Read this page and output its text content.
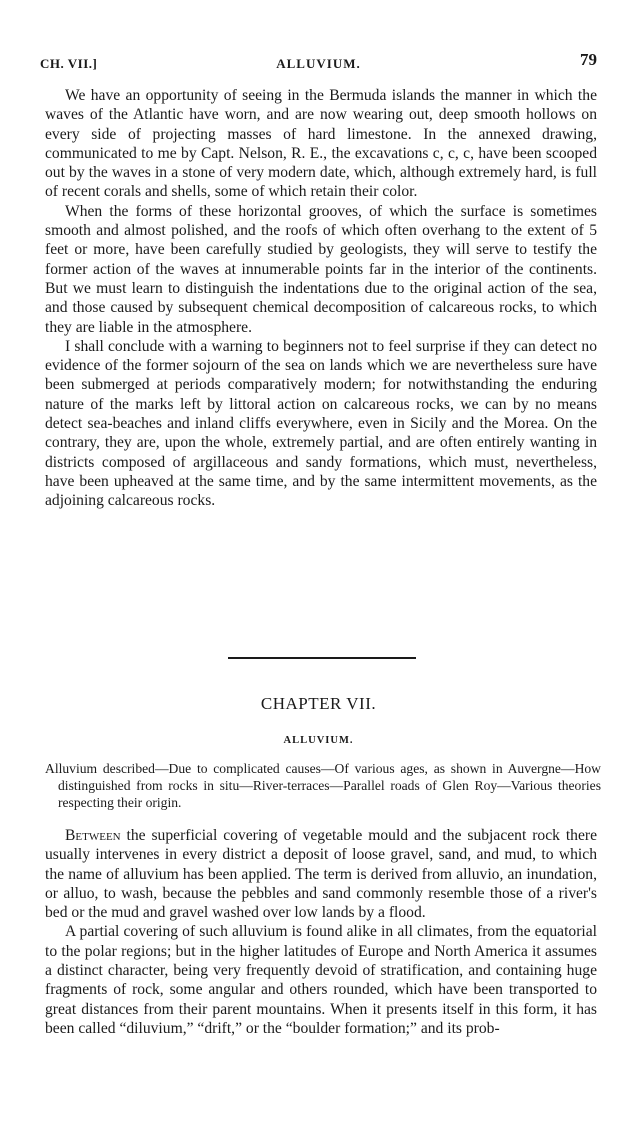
CH. VII.]	ALLUVIUM.	79

We have an opportunity of seeing in the Bermuda islands the manner in which the waves of the Atlantic have worn, and are now wearing out, deep smooth hollows on every side of projecting masses of hard limestone. In the annexed drawing, communicated to me by Capt. Nelson, R. E., the excavations c, c, c, have been scooped out by the waves in a stone of very modern date, which, although extremely hard, is full of recent corals and shells, some of which retain their color.

When the forms of these horizontal grooves, of which the surface is sometimes smooth and almost polished, and the roofs of which often overhang to the extent of 5 feet or more, have been carefully studied by geologists, they will serve to testify the former action of the waves at innumerable points far in the interior of the continents. But we must learn to distinguish the indentations due to the original action of the sea, and those caused by subsequent chemical decomposition of calcareous rocks, to which they are liable in the atmosphere.

I shall conclude with a warning to beginners not to feel surprise if they can detect no evidence of the former sojourn of the sea on lands which we are nevertheless sure have been submerged at periods comparatively modern; for notwithstanding the enduring nature of the marks left by littoral action on calcareous rocks, we can by no means detect sea-beaches and inland cliffs everywhere, even in Sicily and the Morea. On the contrary, they are, upon the whole, extremely partial, and are often entirely wanting in districts composed of argillaceous and sandy formations, which must, nevertheless, have been upheaved at the same time, and by the same intermittent movements, as the adjoining calcareous rocks.

CHAPTER VII.
ALLUVIUM.

Alluvium described—Due to complicated causes—Of various ages, as shown in Auvergne—How distinguished from rocks in situ—River-terraces—Parallel roads of Glen Roy—Various theories respecting their origin.

Between the superficial covering of vegetable mould and the subjacent rock there usually intervenes in every district a deposit of loose gravel, sand, and mud, to which the name of alluvium has been applied. The term is derived from alluvio, an inundation, or alluo, to wash, because the pebbles and sand commonly resemble those of a river's bed or the mud and gravel washed over low lands by a flood.

A partial covering of such alluvium is found alike in all climates, from the equatorial to the polar regions; but in the higher latitudes of Europe and North America it assumes a distinct character, being very frequently devoid of stratification, and containing huge fragments of rock, some angular and others rounded, which have been transported to great distances from their parent mountains. When it presents itself in this form, it has been called “diluvium,” “drift,” or the “boulder formation;” and its prob-
